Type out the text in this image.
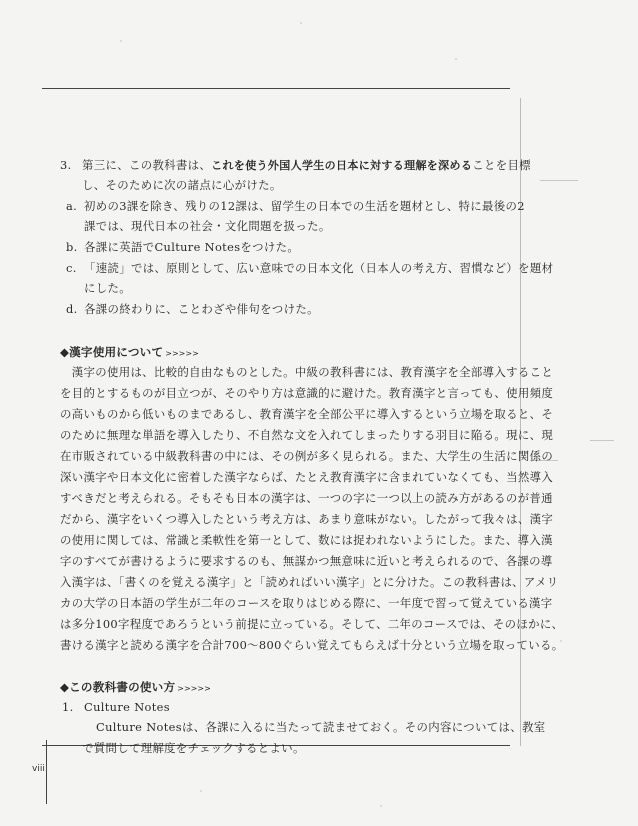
viii
3. 第三に、この教科書は、これを使う外国人学生の日本に対する理解を深めることを目標
し、そのために次の諸点に心がけた。
a. 初めの3課を除き、残りの12課は、留学生の日本での生活を題材とし、特に最後の2
課では、現代日本の社会・文化問題を扱った。
b. 各課に英語でCulture Notesをつけた。
c. 「速読」では、原則として、広い意味での日本文化（日本人の考え方、習慣など）を題材
にした。
d. 各課の終わりに、ことわざや俳句をつけた。
◆漢字使用について >>>>>
　漢字の使用は、比較的自由なものとした。中級の教科書には、教育漢字を全部導入すること
を目的とするものが目立つが、そのやり方は意識的に避けた。教育漢字と言っても、使用頻度
の高いものから低いものまであるし、教育漢字を全部公平に導入するという立場を取ると、そ
のために無理な単語を導入したり、不自然な文を入れてしまったりする羽目に陥る。現に、現
在市販されている中級教科書の中には、その例が多く見られる。また、大学生の生活に関係の
深い漢字や日本文化に密着した漢字ならば、たとえ教育漢字に含まれていなくても、当然導入
すべきだと考えられる。そもそも日本の漢字は、一つの字に一つ以上の読み方があるのが普通
だから、漢字をいくつ導入したという考え方は、あまり意味がない。したがって我々は、漢字
の使用に関しては、常識と柔軟性を第一として、数には捉われないようにした。また、導入漢
字のすべてが書けるように要求するのも、無謀かつ無意味に近いと考えられるので、各課の導
入漢字は、「書くのを覚える漢字」と「読めればいい漢字」とに分けた。この教科書は、アメリ
カの大学の日本語の学生が二年のコースを取りはじめる際に、一年度で習って覚えている漢字
は多分100字程度であろうという前提に立っている。そして、二年のコースでは、そのほかに、
書ける漢字と読める漢字を合計700〜800ぐらい覚えてもらえば十分という立場を取っている。
◆この教科書の使い方 >>>>>
1. Culture Notes
Culture Notesは、各課に入るに当たって読ませておく。その内容については、教室
で質問して理解度をチェックするとよい。
